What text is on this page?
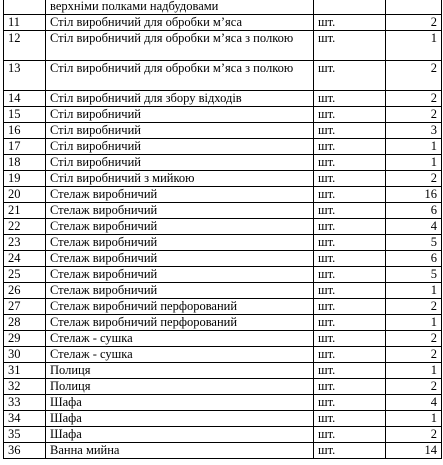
	верхніми полками надбудовами		
11	Стіл виробничий для обробки м’яса	шт.	2
12	Стіл виробничий для обробки м’яса з полкою	шт.	1
13	Стіл виробничий для обробки м’яса з полкою	шт.	2
14	Стіл виробничий для збору відходів	шт.	2
15	Стіл виробничий	шт.	2
16	Стіл виробничий	шт.	3
17	Стіл виробничий	шт.	1
18	Стіл виробничий	шт.	1
19	Стіл виробничий з мийкою	шт.	2
20	Стелаж виробничий	шт.	16
21	Стелаж виробничий	шт.	6
22	Стелаж виробничий	шт.	4
23	Стелаж виробничий	шт.	5
24	Стелаж виробничий	шт.	6
25	Стелаж виробничий	шт.	5
26	Стелаж виробничий	шт.	1
27	Стелаж виробничий перфорований	шт.	2
28	Стелаж виробничий перфорований	шт.	1
29	Стелаж - сушка	шт.	2
30	Стелаж - сушка	шт.	2
31	Полиця	шт.	1
32	Полиця	шт.	2
33	Шафа	шт.	4
34	Шафа	шт.	1
35	Шафа	шт.	2
36	Ванна мийна	шт.	14
